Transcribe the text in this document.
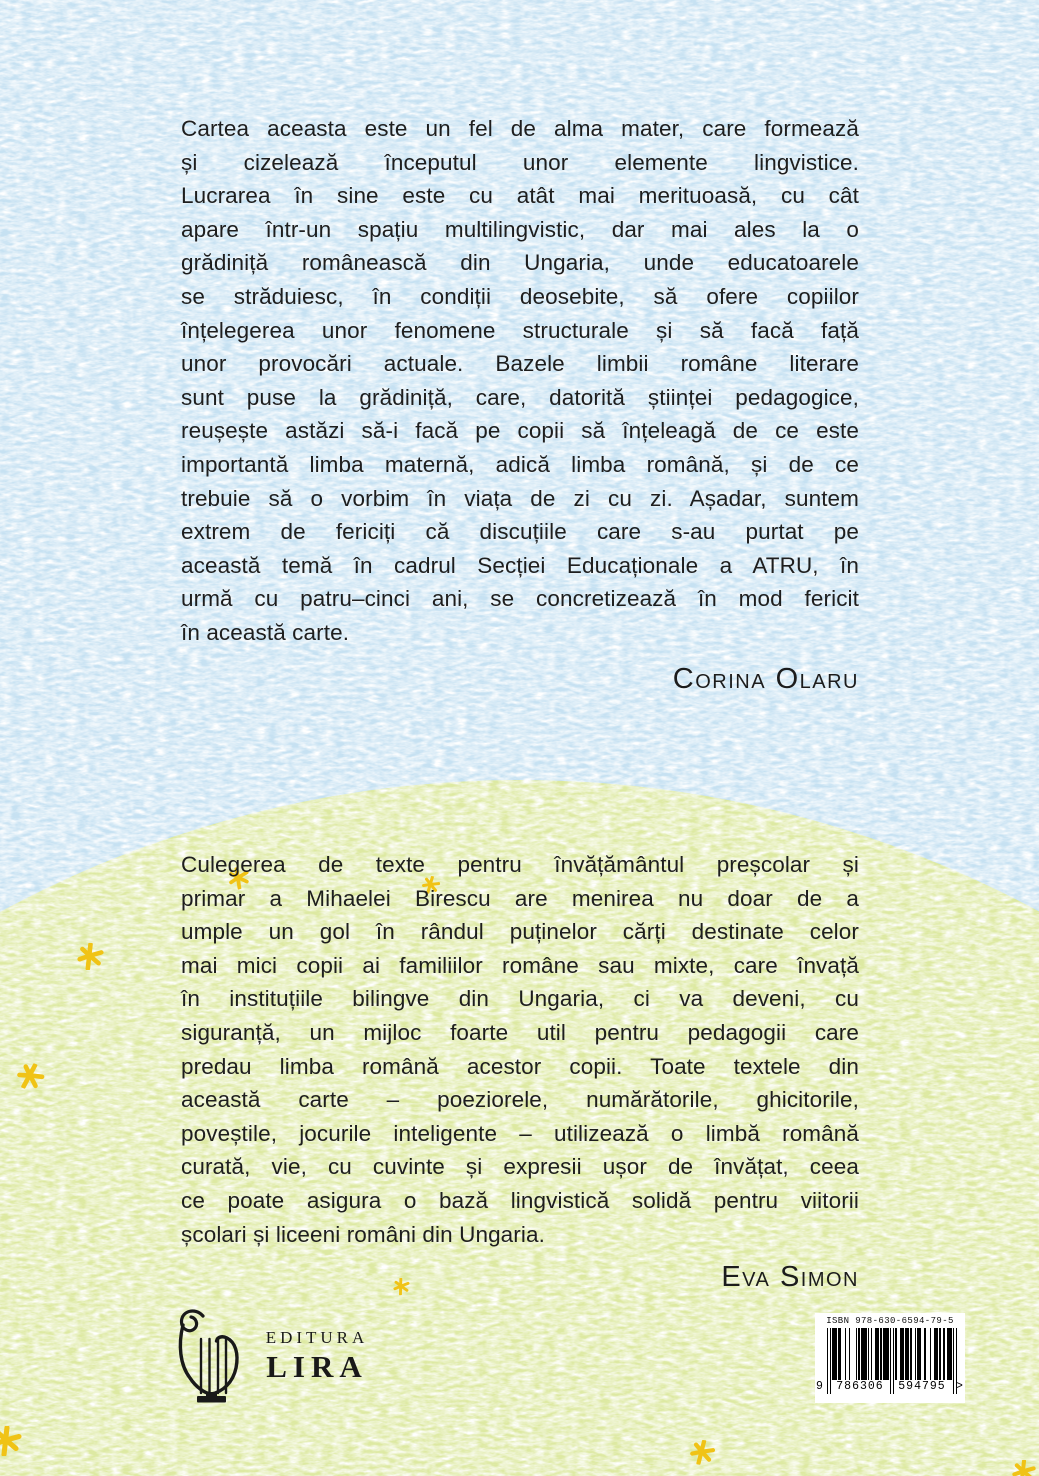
Cartea aceasta este un fel de alma mater, care formează
și cizelează începutul unor elemente lingvistice.
Lucrarea în sine este cu atât mai merituoasă, cu cât
apare într-un spațiu multilingvistic, dar mai ales la o
grădiniță românească din Ungaria, unde educatoarele
se străduiesc, în condiții deosebite, să ofere copiilor
înțelegerea unor fenomene structurale și să facă față
unor provocări actuale. Bazele limbii române literare
sunt puse la grădiniță, care, datorită științei pedagogice,
reușește astăzi să-i facă pe copii să înțeleagă de ce este
importantă limba maternă, adică limba română, și de ce
trebuie să o vorbim în viața de zi cu zi. Așadar, suntem
extrem de fericiți că discuțiile care s-au purtat pe
această temă în cadrul Secției Educaționale a ATRU, în
urmă cu patru–cinci ani, se concretizează în mod fericit
în această carte.
Corina Olaru
Culegerea de texte pentru învățământul preșcolar și
primar a Mihaelei Birescu are menirea nu doar de a
umple un gol în rândul puținelor cărți destinate celor
mai mici copii ai familiilor române sau mixte, care învață
în instituțiile bilingve din Ungaria, ci va deveni, cu
siguranță, un mijloc foarte util pentru pedagogii care
predau limba română acestor copii. Toate textele din
această carte – poeziorele, numărătorile, ghicitorile,
poveștile, jocurile inteligente – utilizează o limbă română
curată, vie, cu cuvinte și expresii ușor de învățat, ceea
ce poate asigura o bază lingvistică solidă pentru viitorii
școlari și liceeni români din Ungaria.
Eva Simon
EDITURA
LIRA
ISBN 978-630-6594-79-5
9	786306	594795 >
